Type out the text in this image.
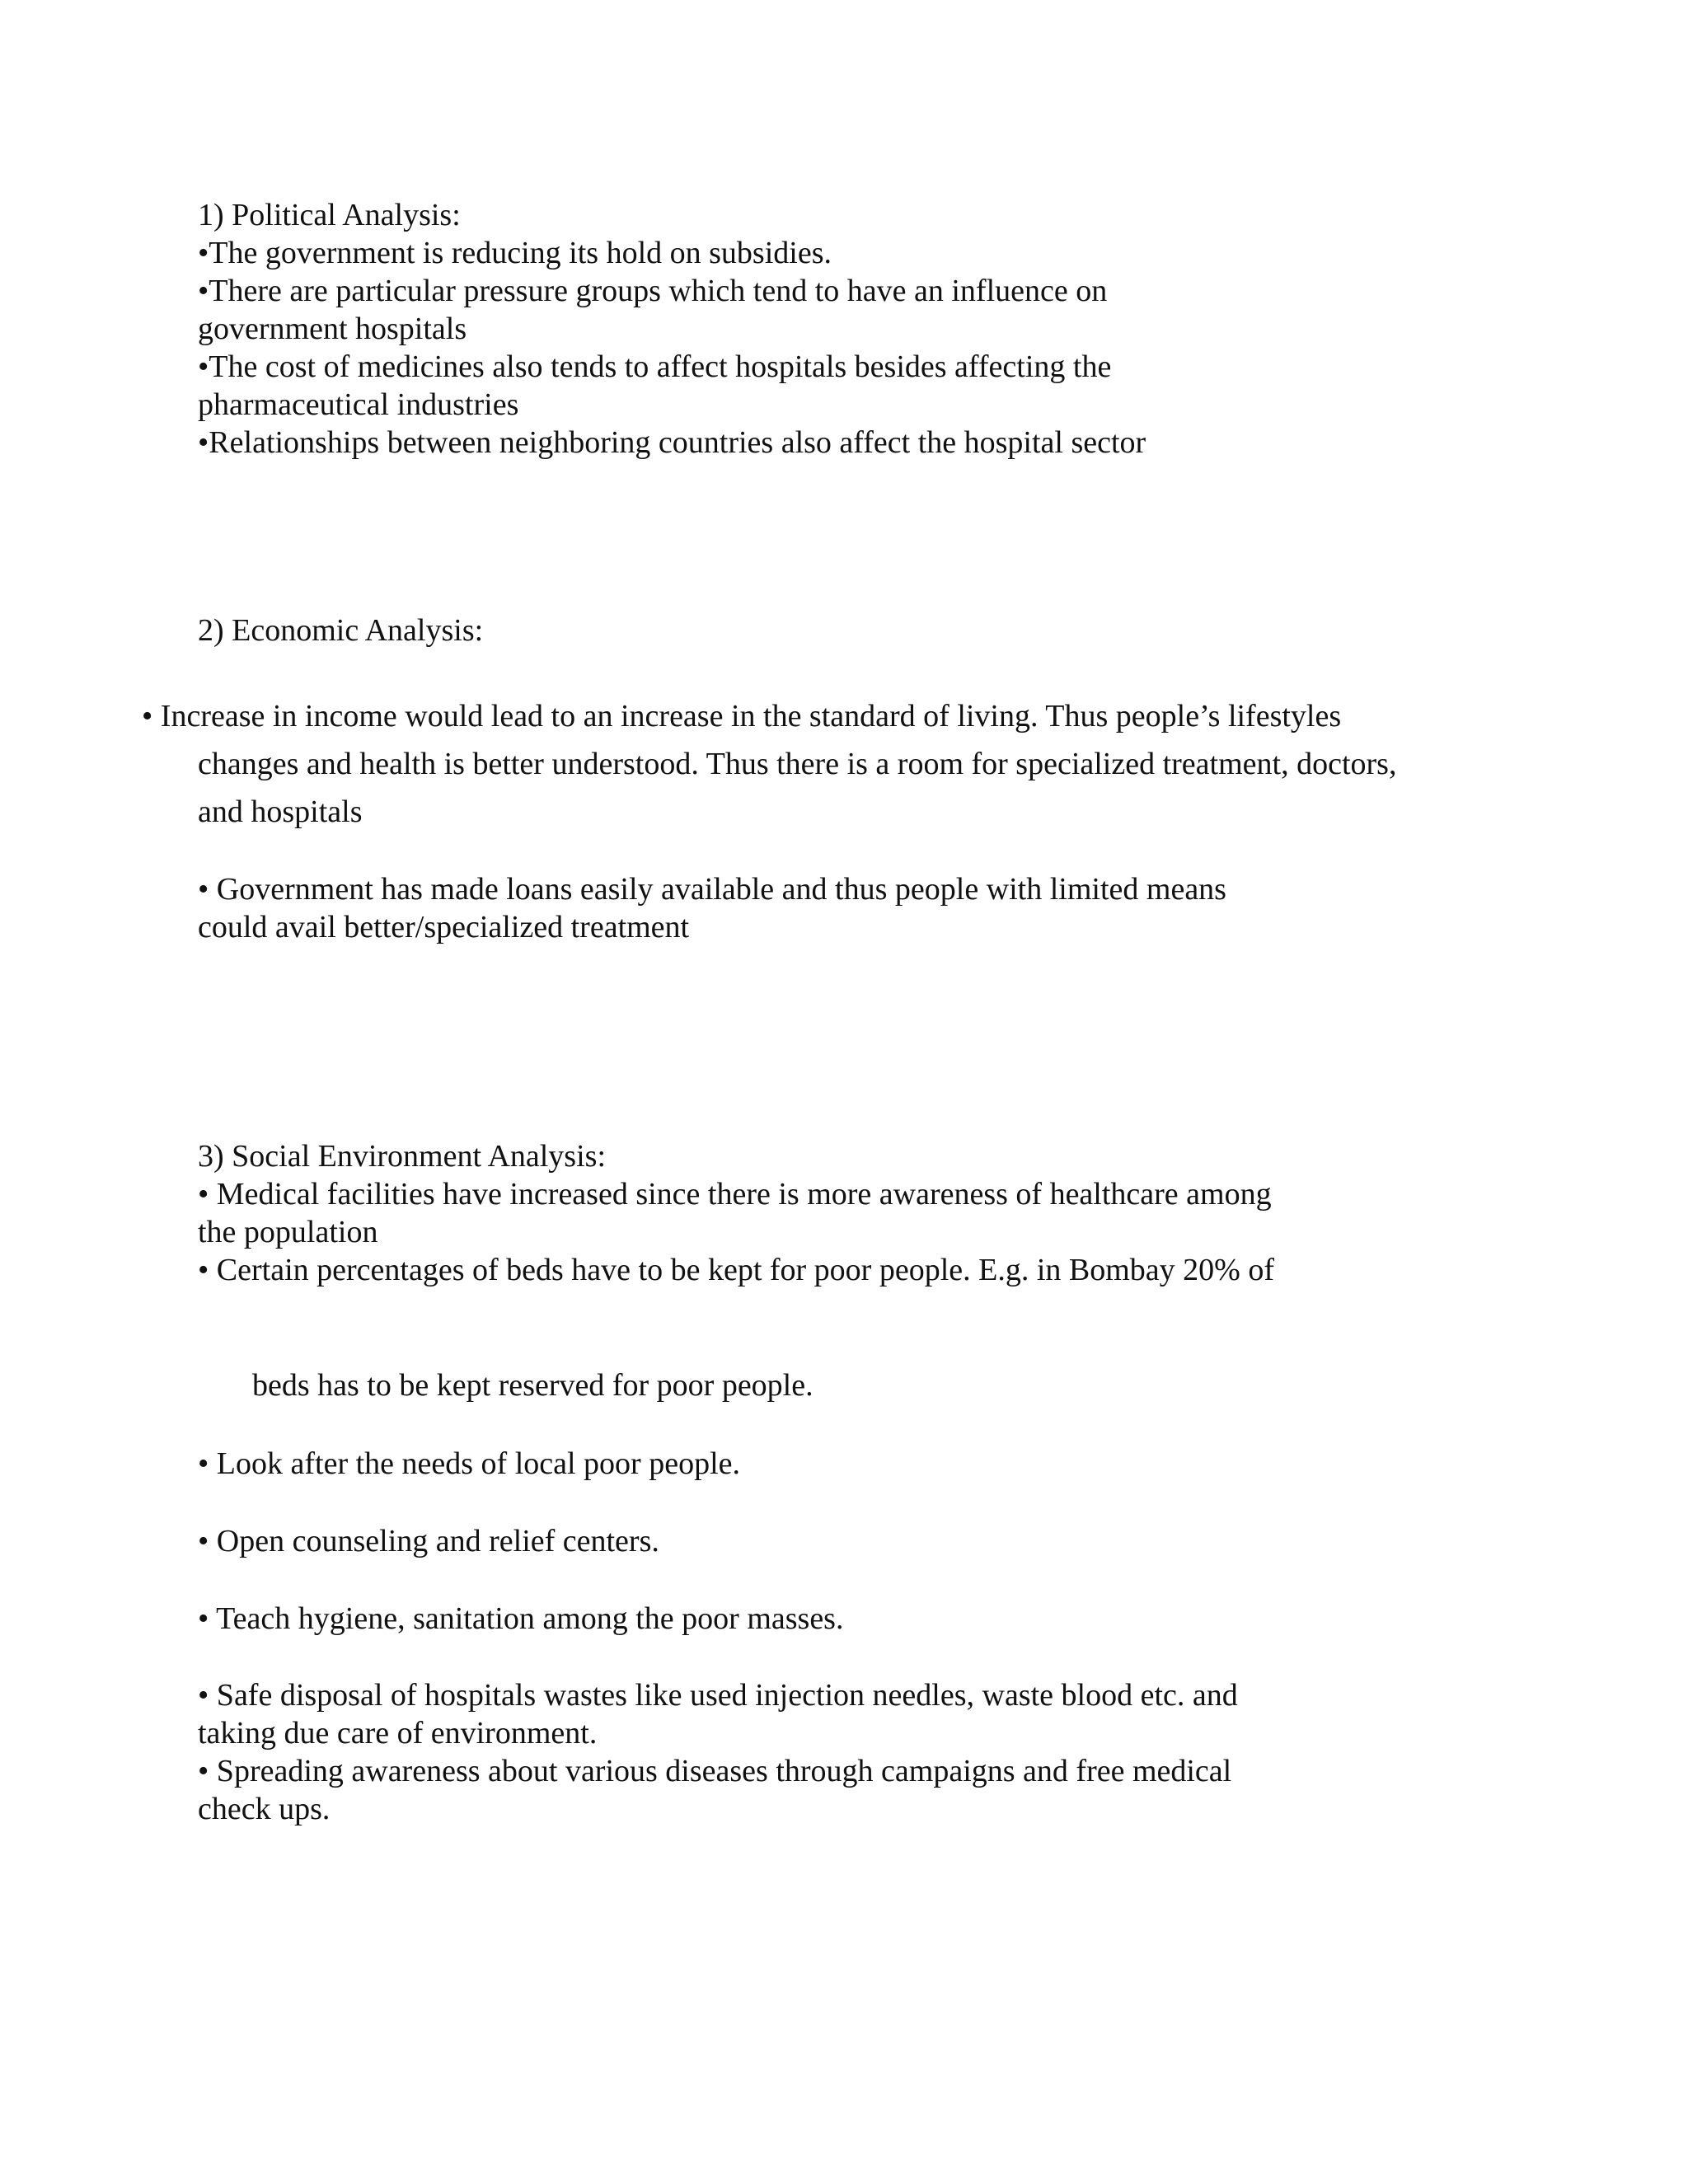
1) Political Analysis:
•The government is reducing its hold on subsidies.
•There are particular pressure groups which tend to have an influence on
government hospitals
•The cost of medicines also tends to affect hospitals besides affecting the
pharmaceutical industries
•Relationships between neighboring countries also affect the hospital sector
2) Economic Analysis:
• Increase in income would lead to an increase in the standard of living. Thus people’s lifestyles
changes and health is better understood. Thus there is a room for specialized treatment, doctors,
and hospitals
• Government has made loans easily available and thus people with limited means
could avail better/specialized treatment
3) Social Environment Analysis:
• Medical facilities have increased since there is more awareness of healthcare among
the population
• Certain percentages of beds have to be kept for poor people. E.g. in Bombay 20% of
beds has to be kept reserved for poor people.
• Look after the needs of local poor people.
• Open counseling and relief centers.
• Teach hygiene, sanitation among the poor masses.
• Safe disposal of hospitals wastes like used injection needles, waste blood etc. and
taking due care of environment.
• Spreading awareness about various diseases through campaigns and free medical
check ups.
